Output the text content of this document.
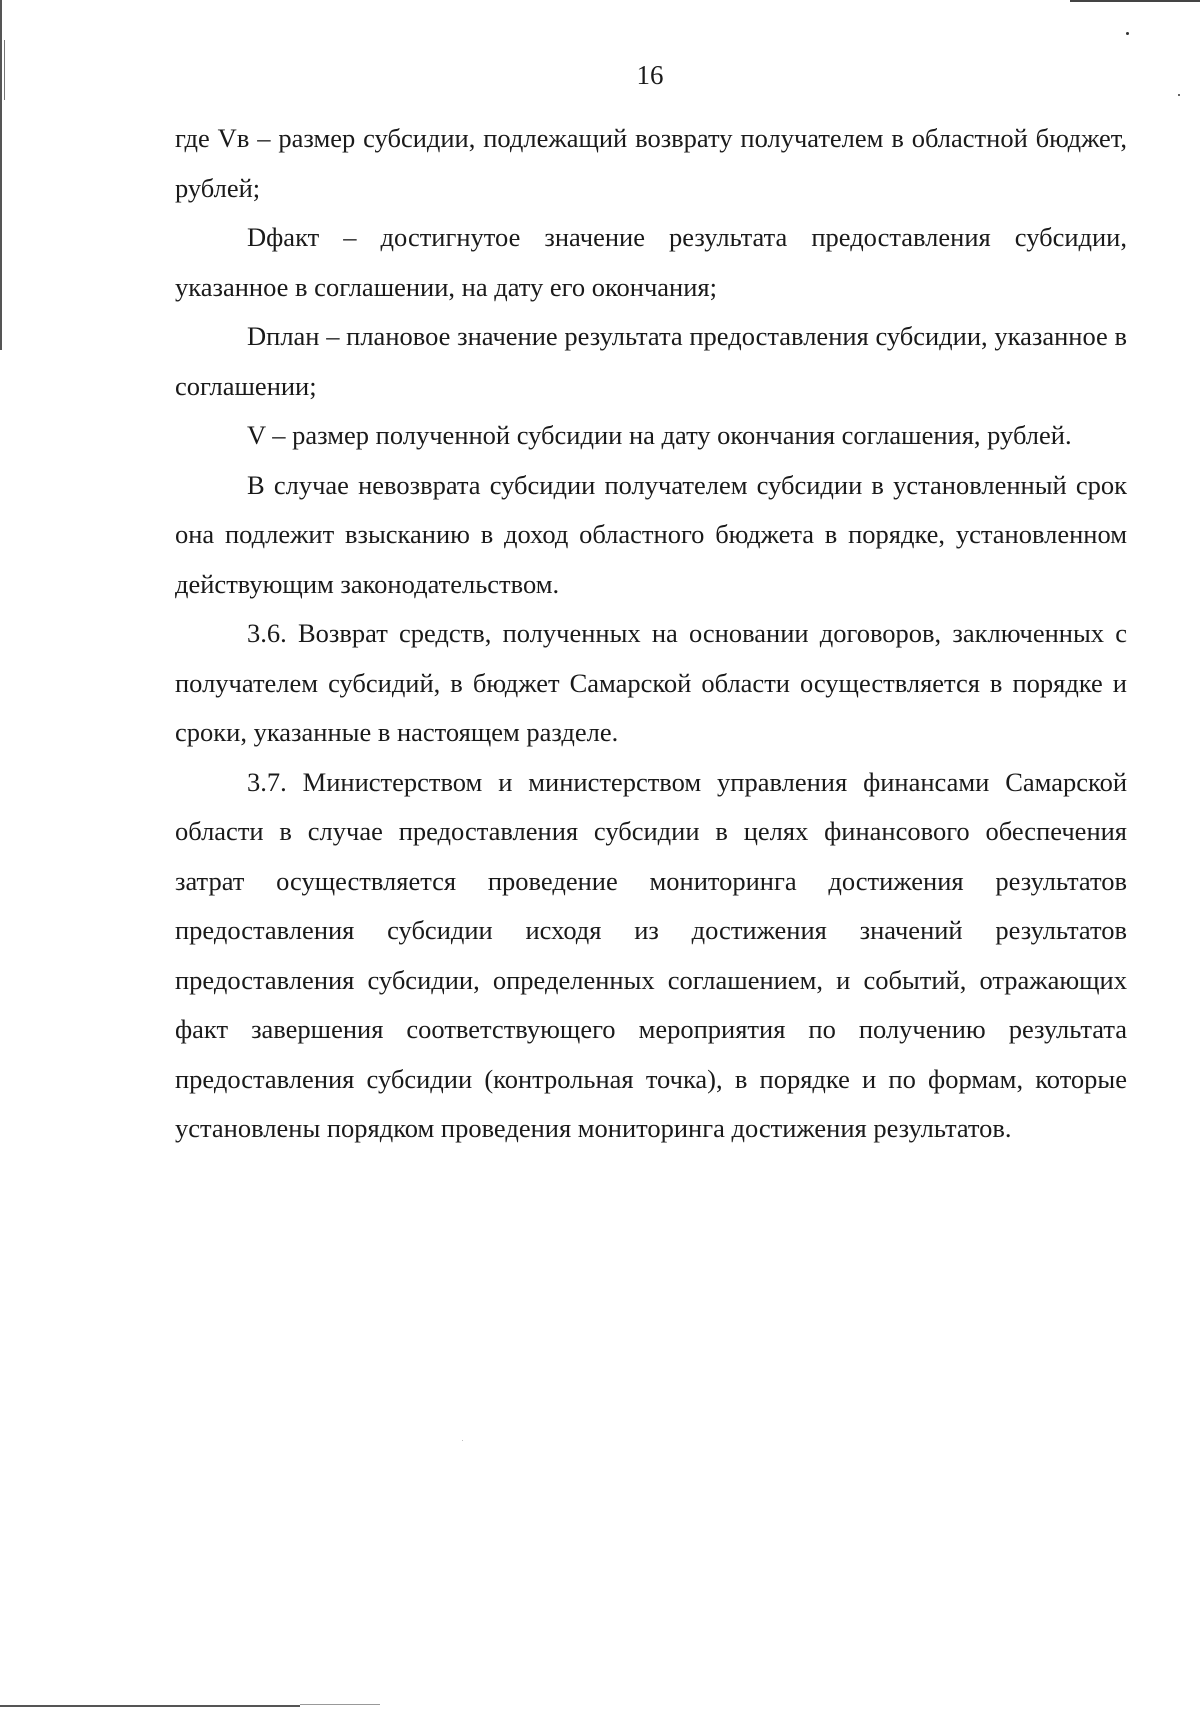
16

где Vв – размер субсидии, подлежащий возврату получателем в областной бюджет, рублей;

Dфакт – достигнутое значение результата предоставления субсидии, указанное в соглашении, на дату его окончания;

Dплан – плановое значение результата предоставления субсидии, указанное в соглашении;

V – размер полученной субсидии на дату окончания соглашения, рублей.

В случае невозврата субсидии получателем субсидии в установленный срок она подлежит взысканию в доход областного бюджета в порядке, установленном действующим законодательством.

3.6. Возврат средств, полученных на основании договоров, заключенных с получателем субсидий, в бюджет Самарской области осуществляется в порядке и сроки, указанные в настоящем разделе.

3.7. Министерством и министерством управления финансами Самарской области в случае предоставления субсидии в целях финансового обеспечения затрат осуществляется проведение мониторинга достижения результатов предоставления субсидии исходя из достижения значений результатов предоставления субсидии, определенных соглашением, и событий, отражающих факт завершения соответствующего мероприятия по получению результата предоставления субсидии (контрольная точка), в порядке и по формам, которые установлены порядком проведения мониторинга достижения результатов.
